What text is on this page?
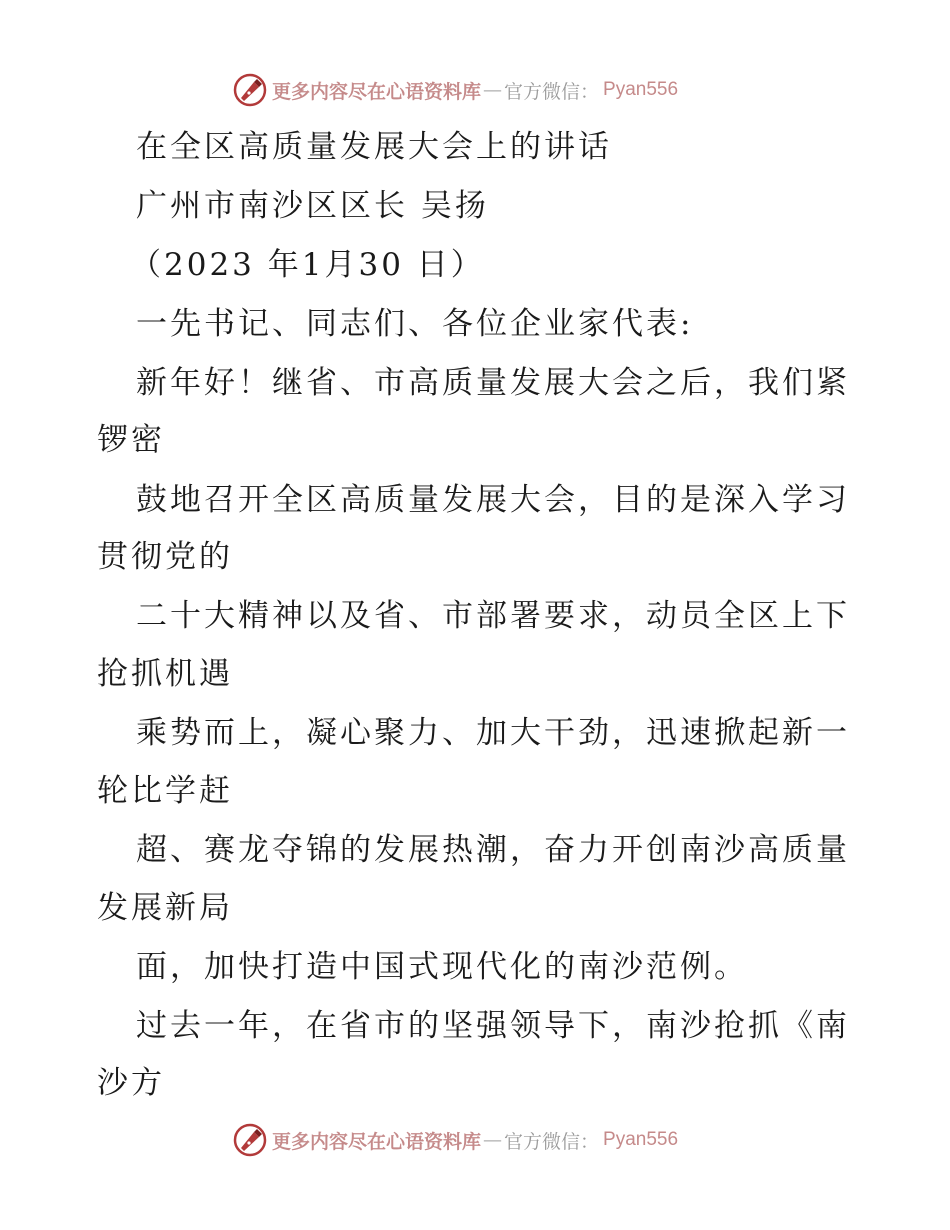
更多内容尽在心语资料库 — 官方微信： Pyan556
在全区高质量发展大会上的讲话
广州市南沙区区长 吴扬
（2023 年1月30 日）
一先书记、同志们、各位企业家代表:
新年好！继省、市高质量发展大会之后，我们紧
锣密
鼓地召开全区高质量发展大会，目的是深入学习
贯彻党的
二十大精神以及省、市部署要求，动员全区上下
抢抓机遇
乘势而上，凝心聚力、加大干劲，迅速掀起新一
轮比学赶
超、赛龙夺锦的发展热潮，奋力开创南沙高质量
发展新局
面，加快打造中国式现代化的南沙范例。
过去一年，在省市的坚强领导下，南沙抢抓《南
沙方
更多内容尽在心语资料库 — 官方微信： Pyan556
